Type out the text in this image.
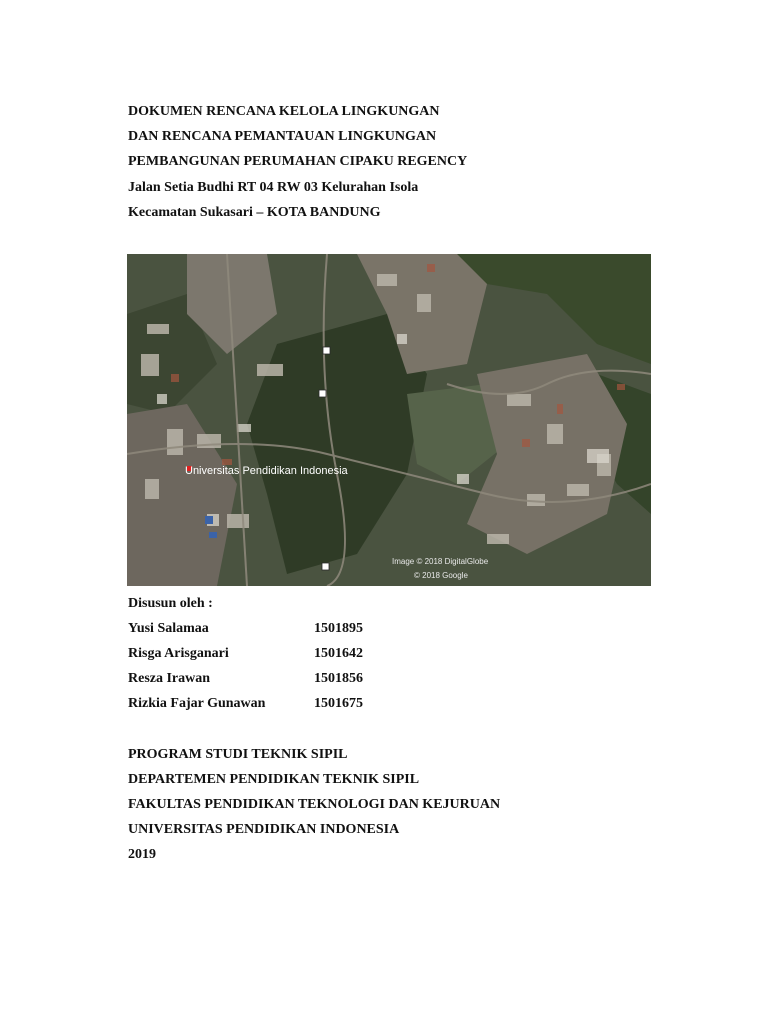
DOKUMEN RENCANA KELOLA LINGKUNGAN
DAN RENCANA PEMANTAUAN LINGKUNGAN
PEMBANGUNAN PERUMAHAN CIPAKU REGENCY
Jalan Setia Budhi RT 04 RW 03 Kelurahan Isola
Kecamatan Sukasari – KOTA BANDUNG
Universitas Pendidikan Indonesia
Image © 2018 DigitalGlobe
© 2018 Google
Disusun oleh :
Yusi Salamaa	1501895
Risga Arisganari	1501642
Resza Irawan	1501856
Rizkia Fajar Gunawan	1501675
PROGRAM STUDI TEKNIK SIPIL
DEPARTEMEN PENDIDIKAN TEKNIK SIPIL
FAKULTAS PENDIDIKAN TEKNOLOGI DAN KEJURUAN
UNIVERSITAS PENDIDIKAN INDONESIA
2019
